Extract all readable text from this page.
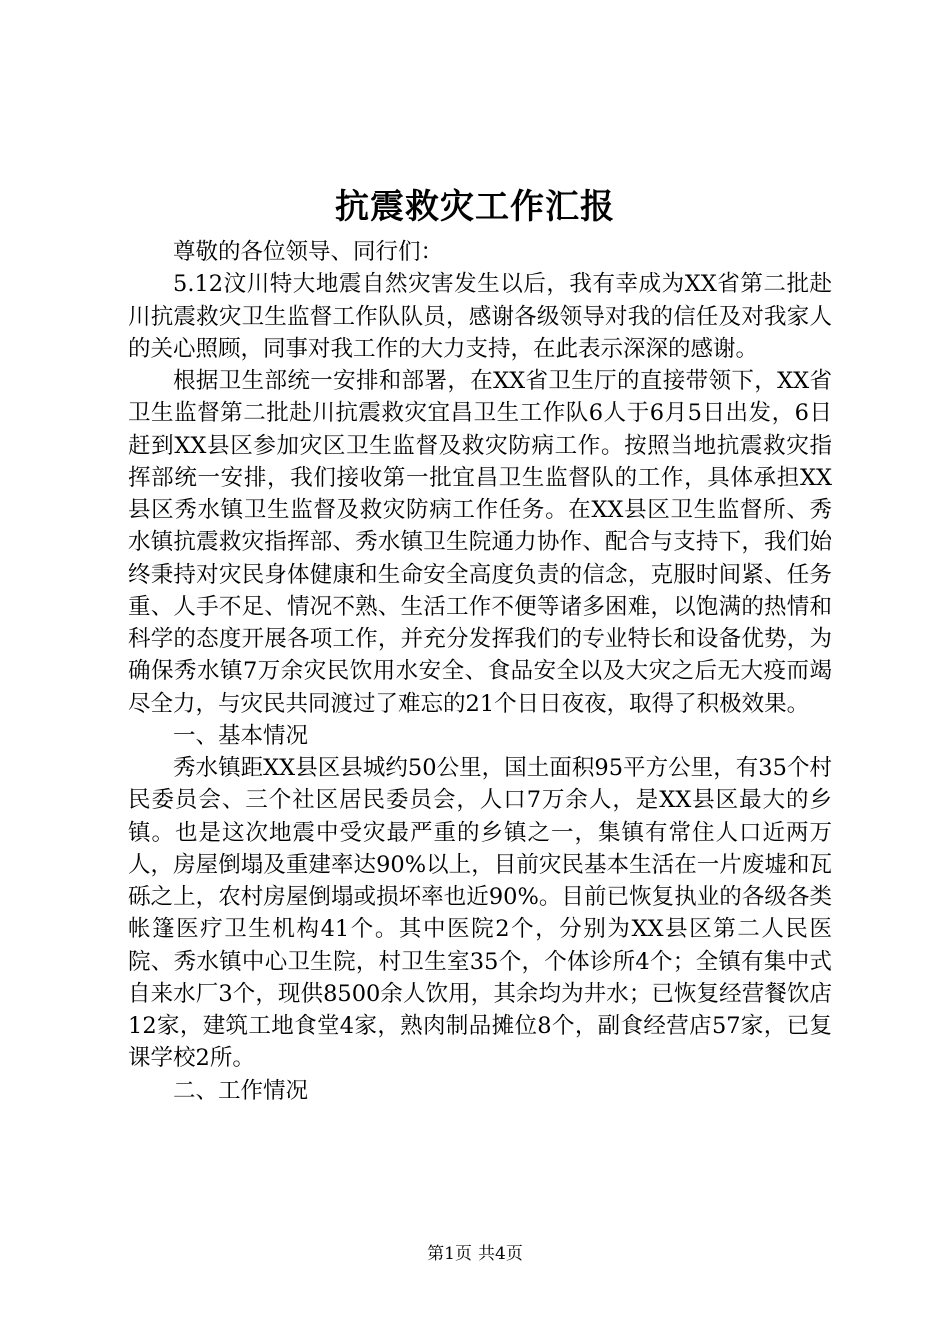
抗震救灾工作汇报

尊敬的各位领导、同行们：

5.12汶川特大地震自然灾害发生以后，我有幸成为XX省第二批赴川抗震救灾卫生监督工作队队员，感谢各级领导对我的信任及对我家人的关心照顾，同事对我工作的大力支持，在此表示深深的感谢。

根据卫生部统一安排和部署，在XX省卫生厅的直接带领下，XX省卫生监督第二批赴川抗震救灾宜昌卫生工作队6人于6月5日出发，6日赶到XX县区参加灾区卫生监督及救灾防病工作。按照当地抗震救灾指挥部统一安排，我们接收第一批宜昌卫生监督队的工作，具体承担XX县区秀水镇卫生监督及救灾防病工作任务。在XX县区卫生监督所、秀水镇抗震救灾指挥部、秀水镇卫生院通力协作、配合与支持下，我们始终秉持对灾民身体健康和生命安全高度负责的信念，克服时间紧、任务重、人手不足、情况不熟、生活工作不便等诸多困难，以饱满的热情和科学的态度开展各项工作，并充分发挥我们的专业特长和设备优势，为确保秀水镇7万余灾民饮用水安全、食品安全以及大灾之后无大疫而竭尽全力，与灾民共同渡过了难忘的21个日日夜夜，取得了积极效果。

一、基本情况

秀水镇距XX县区县城约50公里，国土面积95平方公里，有35个村民委员会、三个社区居民委员会，人口7万余人，是XX县区最大的乡镇。也是这次地震中受灾最严重的乡镇之一，集镇有常住人口近两万人，房屋倒塌及重建率达90%以上，目前灾民基本生活在一片废墟和瓦砾之上，农村房屋倒塌或损坏率也近90%。目前已恢复执业的各级各类帐篷医疗卫生机构41个。其中医院2个，分别为XX县区第二人民医院、秀水镇中心卫生院，村卫生室35个，个体诊所4个；全镇有集中式自来水厂3个，现供8500余人饮用，其余均为井水；已恢复经营餐饮店12家，建筑工地食堂4家，熟肉制品摊位8个，副食经营店57家，已复课学校2所。

二、工作情况

第1页 共4页
